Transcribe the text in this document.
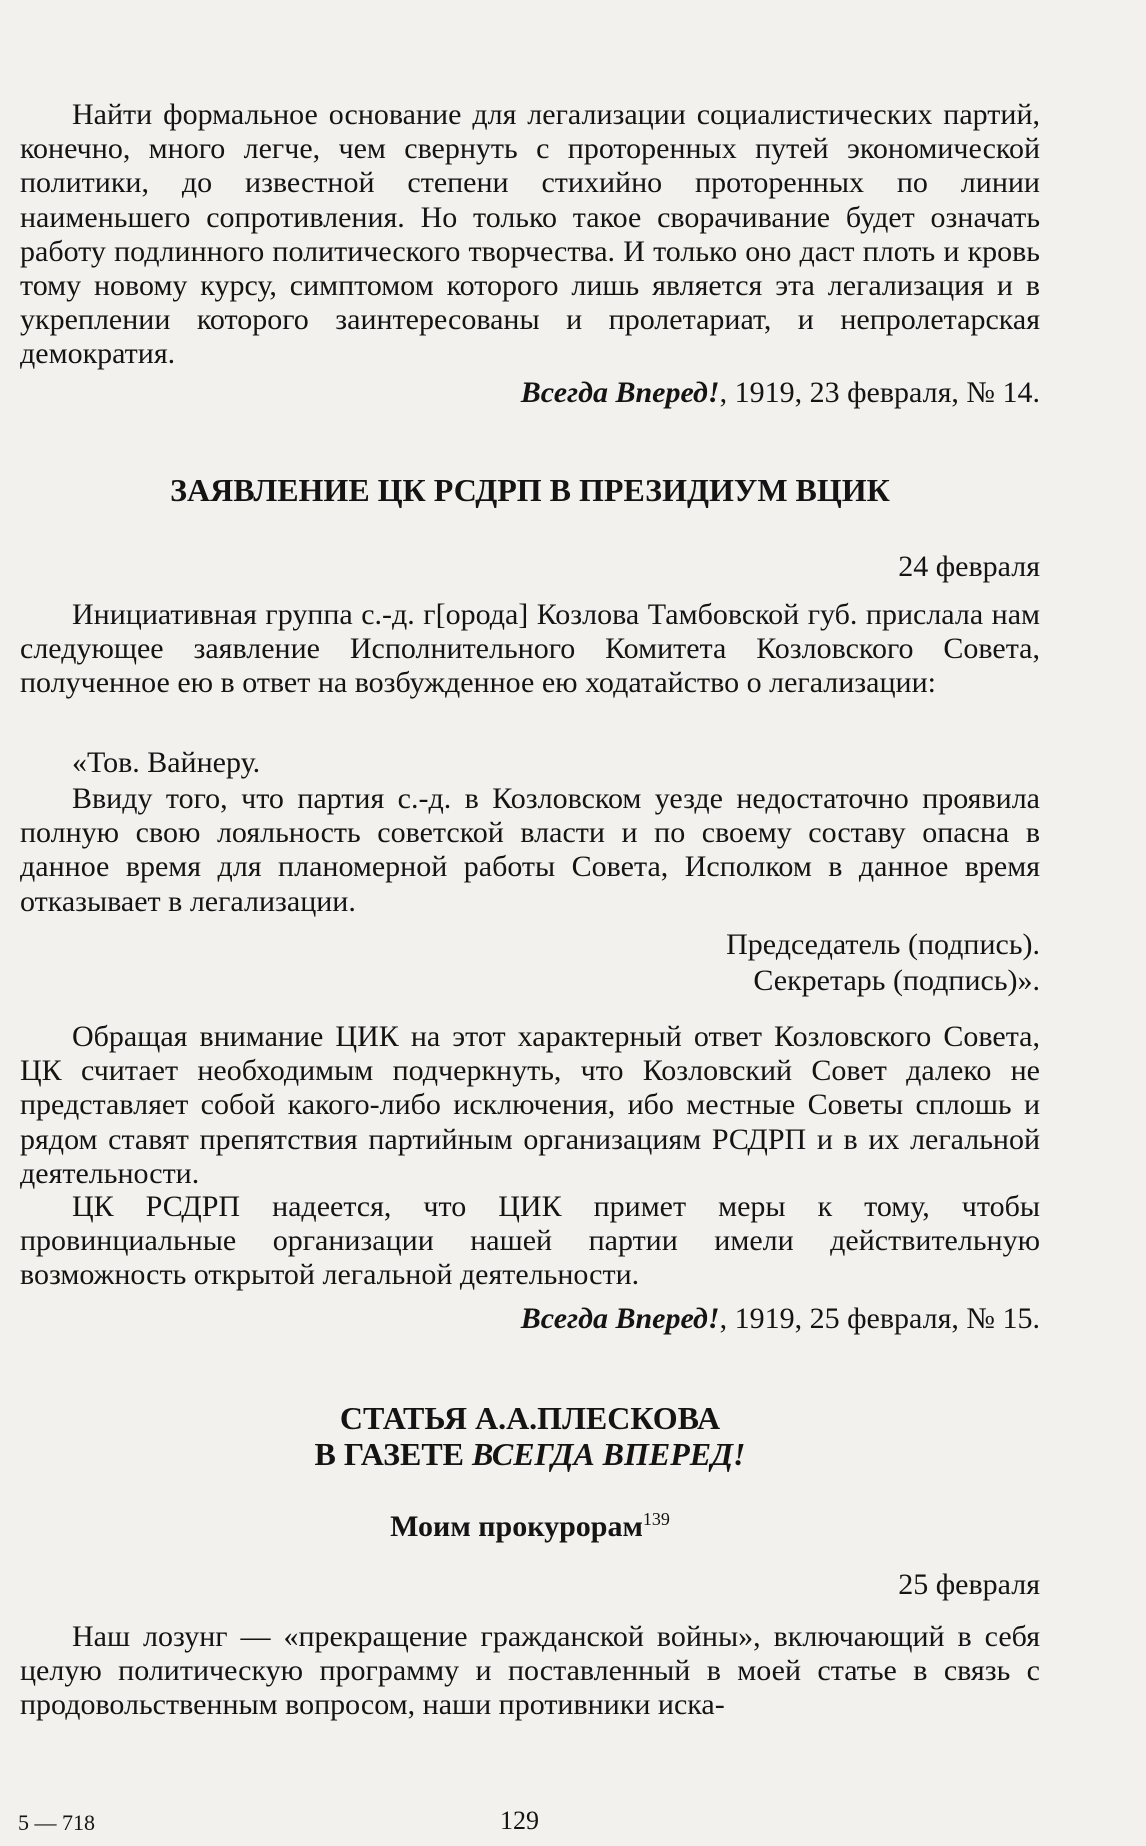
Найти формальное основание для легализации социалистических партий, конечно, много легче, чем свернуть с проторенных путей экономической политики, до известной степени стихийно проторенных по линии наименьшего сопротивления. Но только такое сворачивание будет означать работу подлинного политического творчества. И только оно даст плоть и кровь тому новому курсу, симптомом которого лишь является эта легализация и в укреплении которого заинтересованы и пролетариат, и непролетарская демократия.

Всегда Вперед!, 1919, 23 февраля, № 14.
ЗАЯВЛЕНИЕ ЦК РСДРП В ПРЕЗИДИУМ ВЦИК

24 февраля

Инициативная группа с.-д. г[орода] Козлова Тамбовской губ. прислала нам следующее заявление Исполнительного Комитета Козловского Совета, полученное ею в ответ на возбужденное ею ходатайство о легализации:

«Тов. Вайнеру.

Ввиду того, что партия с.-д. в Козловском уезде недостаточно проявила полную свою лояльность советской власти и по своему составу опасна в данное время для планомерной работы Совета, Исполком в данное время отказывает в легализации.

Председатель (подпись).

Секретарь (подпись)».

Обращая внимание ЦИК на этот характерный ответ Козловского Совета, ЦК считает необходимым подчеркнуть, что Козловский Совет далеко не представляет собой какого-либо исключения, ибо местные Советы сплошь и рядом ставят препятствия партийным организациям РСДРП и в их легальной деятельности.

ЦК РСДРП надеется, что ЦИК примет меры к тому, чтобы провинциальные организации нашей партии имели действительную возможность открытой легальной деятельности.

Всегда Вперед!, 1919, 25 февраля, № 15.
СТАТЬЯ А.А.ПЛЕСКОВА
В ГАЗЕТЕ ВСЕГДА ВПЕРЕД!

Моим прокурорам$^{139}$

25 февраля

Наш лозунг — «прекращение гражданской войны», включающий в себя целую политическую программу и поставленный в моей статье в связь с продовольственным вопросом, наши противники иска-

5 — 718	129
